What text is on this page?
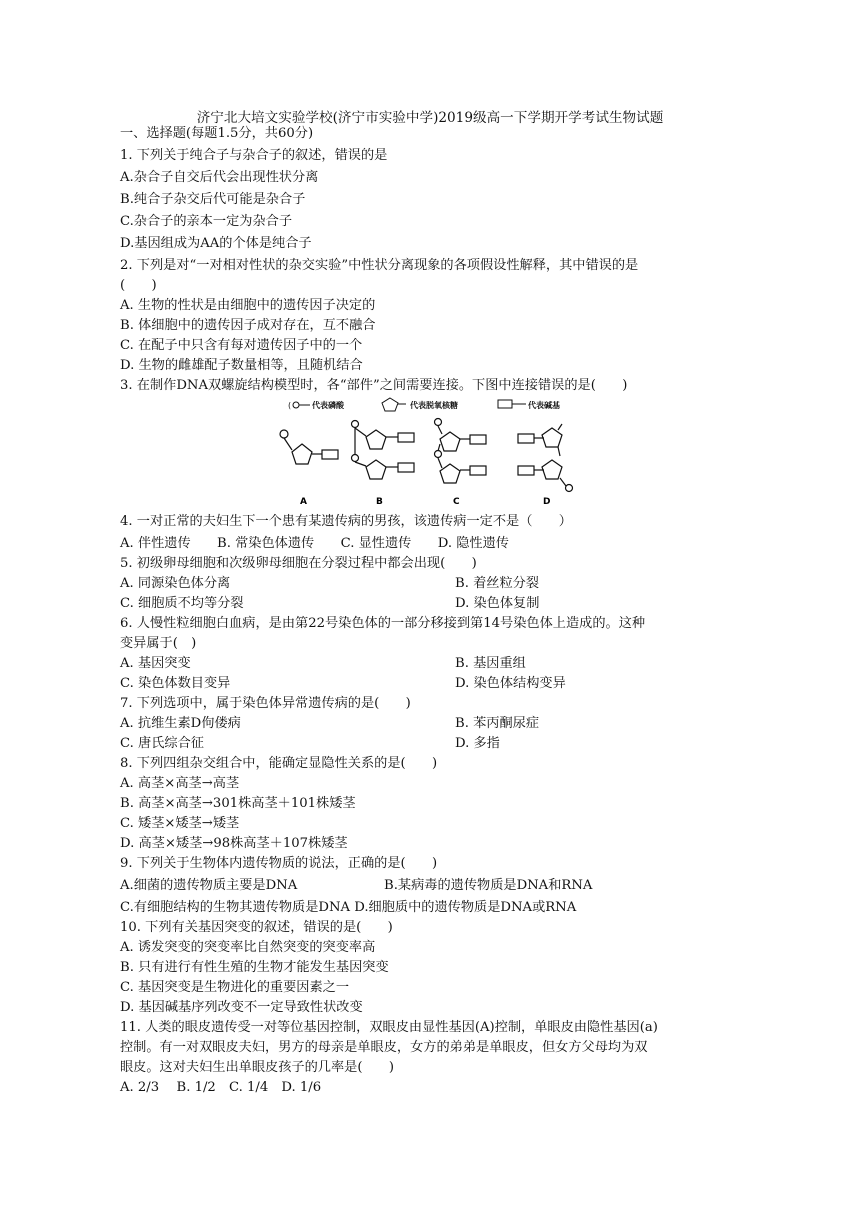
济宁北大培文实验学校(济宁市实验中学)2019级高一下学期开学考试生物试题
一、选择题(每题1.5分，共60分)
1. 下列关于纯合子与杂合子的叙述，错误的是
A.杂合子自交后代会出现性状分离
B.纯合子杂交后代可能是杂合子
C.杂合子的亲本一定为杂合子
D.基因组成为AA的个体是纯合子
2. 下列是对“一对相对性状的杂交实验”中性状分离现象的各项假设性解释，其中错误的是
(　　)
A. 生物的性状是由细胞中的遗传因子决定的
B. 体细胞中的遗传因子成对存在，互不融合
C. 在配子中只含有每对遗传因子中的一个
D. 生物的雌雄配子数量相等，且随机结合
3. 在制作DNA双螺旋结构模型时，各“部件”之间需要连接。下图中连接错误的是(　　)
(	代表磷酸	代表脱氧核糖	代表碱基
A	B	C	D
4. 一对正常的夫妇生下一个患有某遗传病的男孩，该遗传病一定不是（　　）
A. 伴性遗传　　B. 常染色体遗传　　C. 显性遗传　　D. 隐性遗传
5. 初级卵母细胞和次级卵母细胞在分裂过程中都会出现(　　)
A. 同源染色体分离	B. 着丝粒分裂
C. 细胞质不均等分裂	D. 染色体复制
6. 人慢性粒细胞白血病，是由第22号染色体的一部分移接到第14号染色体上造成的。这种
变异属于(　)
A. 基因突变	B. 基因重组
C. 染色体数目变异	D. 染色体结构变异
7. 下列选项中，属于染色体异常遗传病的是(　　)
A. 抗维生素D佝偻病	B. 苯丙酮尿症
C. 唐氏综合征	D. 多指
8. 下列四组杂交组合中，能确定显隐性关系的是(　　)
A. 高茎×高茎→高茎
B. 高茎×高茎→301株高茎＋101株矮茎
C. 矮茎×矮茎→矮茎
D. 高茎×矮茎→98株高茎＋107株矮茎
9. 下列关于生物体内遗传物质的说法，正确的是(　　)
A.细菌的遗传物质主要是DNA	B.某病毒的遗传物质是DNA和RNA
C.有细胞结构的生物其遗传物质是DNA D.细胞质中的遗传物质是DNA或RNA
10. 下列有关基因突变的叙述，错误的是(　　)
A. 诱发突变的突变率比自然突变的突变率高
B. 只有进行有性生殖的生物才能发生基因突变
C. 基因突变是生物进化的重要因素之一
D. 基因碱基序列改变不一定导致性状改变
11. 人类的眼皮遗传受一对等位基因控制，双眼皮由显性基因(A)控制，单眼皮由隐性基因(a)
控制。有一对双眼皮夫妇，男方的母亲是单眼皮，女方的弟弟是单眼皮，但女方父母均为双
眼皮。这对夫妇生出单眼皮孩子的几率是(　　)
A. 2/3　 B. 1/2　C. 1/4　D. 1/6
